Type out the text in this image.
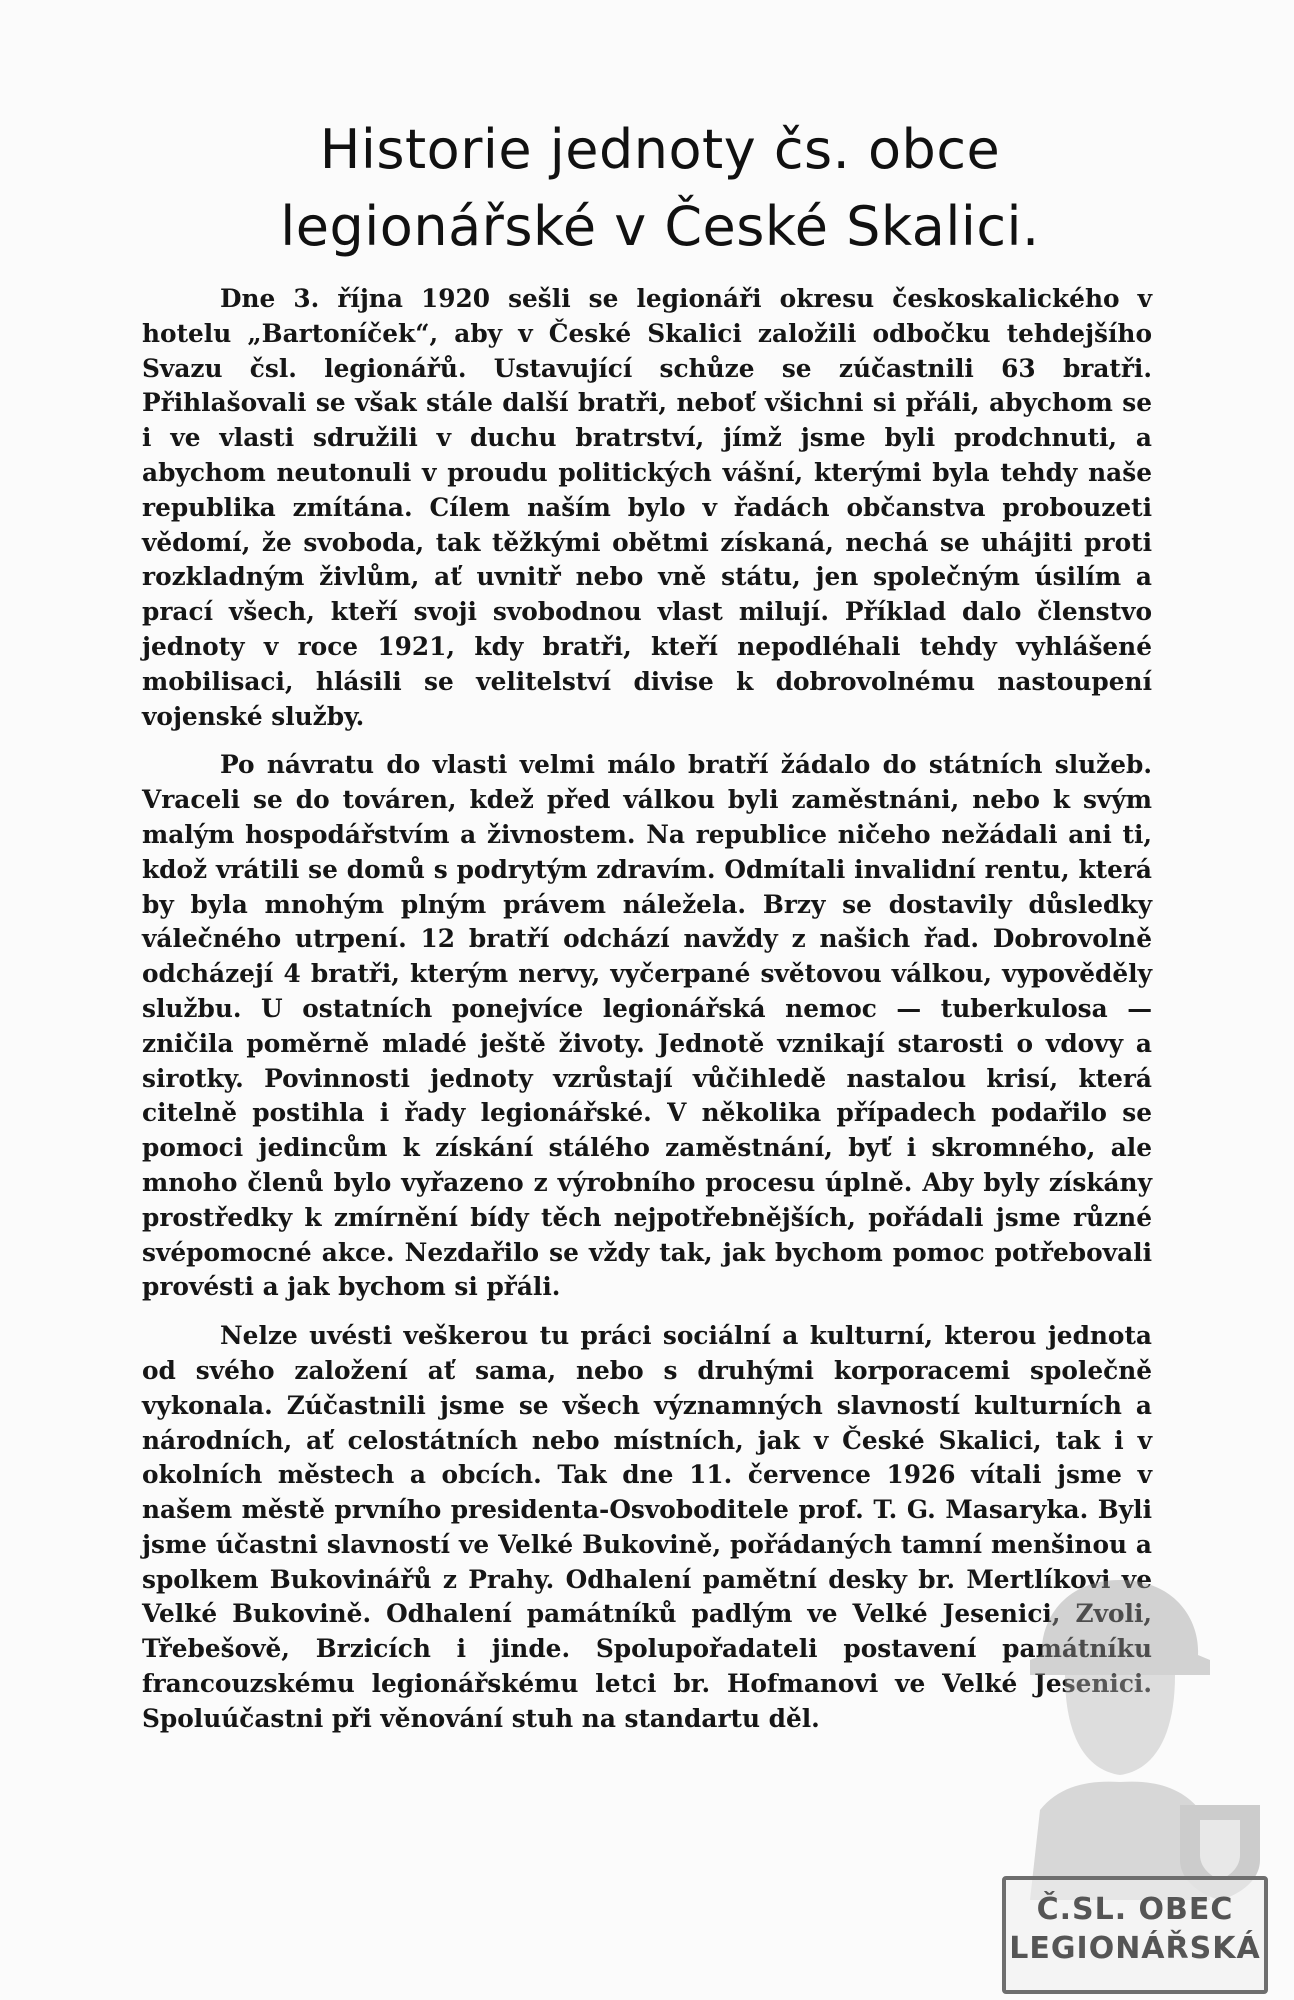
Historie jednoty čs. obce
legionářské v České Skalici.

Dne 3. října 1920 sešli se legionáři okresu českoskalického v hotelu „Bartoníček“, aby v České Skalici založili odbočku tehdejšího Svazu čsl. legionářů. Ustavující schůze se zúčastnili 63 bratři. Přihlašovali se však stále další bratři, neboť všichni si přáli, abychom se i ve vlasti sdružili v duchu bratrství, jímž jsme byli prodchnuti, a abychom neutonuli v proudu politických vášní, kterými byla tehdy naše republika zmítána. Cílem naším bylo v řadách občanstva probouzeti vědomí, že svoboda, tak těžkými obětmi získaná, nechá se uhájiti proti rozkladným živlům, ať uvnitř nebo vně státu, jen společným úsilím a prací všech, kteří svoji svobodnou vlast milují. Příklad dalo členstvo jednoty v roce 1921, kdy bratři, kteří nepodléhali tehdy vyhlášené mobilisaci, hlásili se velitelství divise k dobrovolnému nastoupení vojenské služby.

Po návratu do vlasti velmi málo bratří žádalo do státních služeb. Vraceli se do továren, kdež před válkou byli zaměstnáni, nebo k svým malým hospodářstvím a živnostem. Na republice ničeho nežádali ani ti, kdož vrátili se domů s podrytým zdravím. Odmítali invalidní rentu, která by byla mnohým plným právem náležela. Brzy se dostavily důsledky válečného utrpení. 12 bratří odchází navždy z našich řad. Dobrovolně odcházejí 4 bratři, kterým nervy, vyčerpané světovou válkou, vypověděly službu. U ostatních ponejvíce legionářská nemoc — tuberkulosa — zničila poměrně mladé ještě životy. Jednotě vznikají starosti o vdovy a sirotky. Povinnosti jednoty vzrůstají vůčihledě nastalou krisí, která citelně postihla i řady legionářské. V několika případech podařilo se pomoci jedincům k získání stálého zaměstnání, byť i skromného, ale mnoho členů bylo vyřazeno z výrobního procesu úplně. Aby byly získány prostředky k zmírnění bídy těch nejpotřebnějších, pořádali jsme různé svépomocné akce. Nezdařilo se vždy tak, jak bychom pomoc potřebovali provésti a jak bychom si přáli.

Nelze uvésti veškerou tu práci sociální a kulturní, kterou jednota od svého založení ať sama, nebo s druhými korporacemi společně vykonala. Zúčastnili jsme se všech významných slavností kulturních a národních, ať celostátních nebo místních, jak v České Skalici, tak i v okolních městech a obcích. Tak dne 11. července 1926 vítali jsme v našem městě prvního presidenta-Osvoboditele prof. T. G. Masaryka. Byli jsme účastni slavností ve Velké Bukovině, pořádaných tamní menšinou a spolkem Bukovinářů z Prahy. Odhalení pamětní desky br. Mertlíkovi ve Velké Bukovině. Odhalení památníků padlým ve Velké Jesenici, Zvoli, Třebešově, Brzicích i jinde. Spolupořadateli postavení památníku francouzskému legionářskému letci br. Hofmanovi ve Velké Jesenici. Spoluúčastni při věnování stuh na standartu děl.

Č.SL. OBEC
LEGIONÁŘSKÁ
